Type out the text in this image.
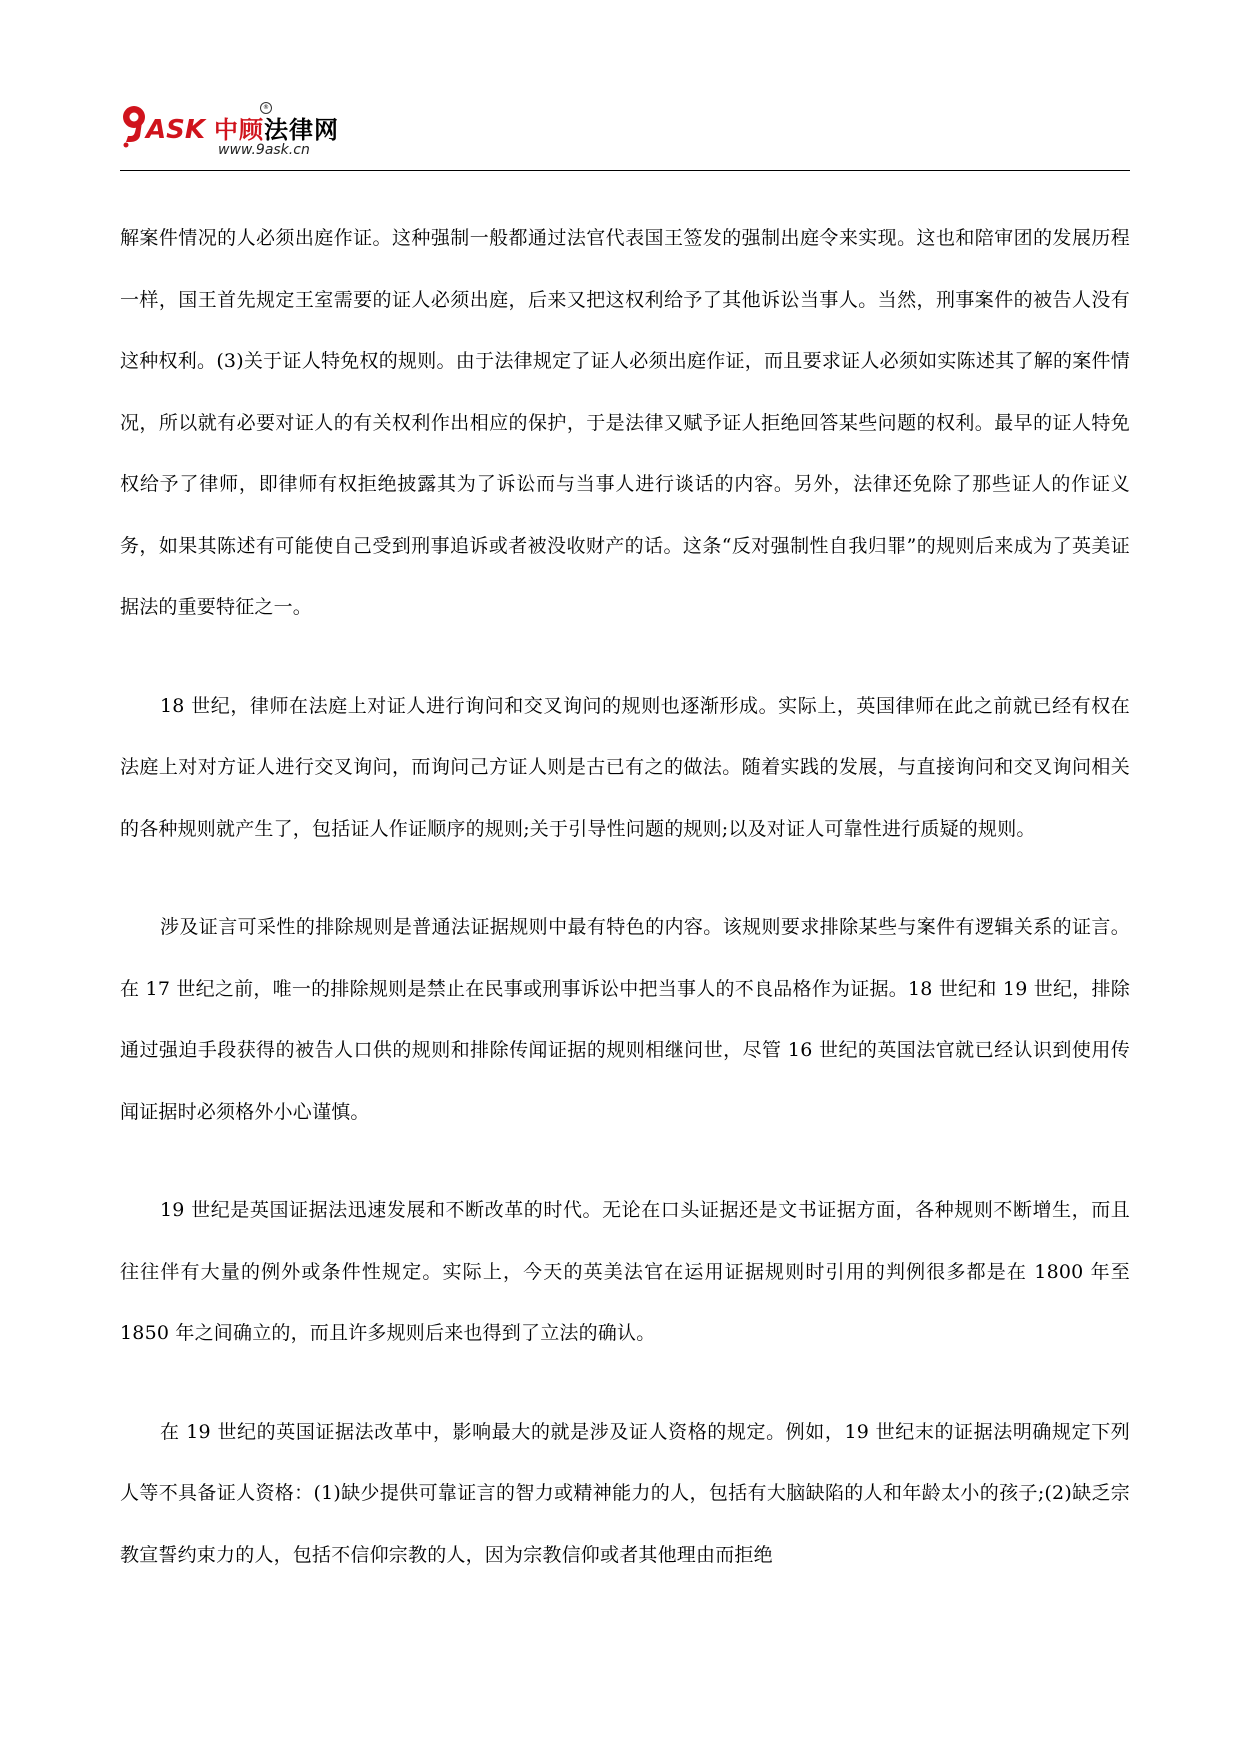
ASK 中顾法律网
®
www.9ask.cn

解案件情况的人必须出庭作证。这种强制一般都通过法官代表国王签发的强制出庭令来实现。这也和陪审团的发展历程一样，国王首先规定王室需要的证人必须出庭，后来又把这权利给予了其他诉讼当事人。当然，刑事案件的被告人没有这种权利。(3)关于证人特免权的规则。由于法律规定了证人必须出庭作证，而且要求证人必须如实陈述其了解的案件情况，所以就有必要对证人的有关权利作出相应的保护，于是法律又赋予证人拒绝回答某些问题的权利。最早的证人特免权给予了律师，即律师有权拒绝披露其为了诉讼而与当事人进行谈话的内容。另外，法律还免除了那些证人的作证义务，如果其陈述有可能使自己受到刑事追诉或者被没收财产的话。这条“反对强制性自我归罪”的规则后来成为了英美证据法的重要特征之一。

18 世纪，律师在法庭上对证人进行询问和交叉询问的规则也逐渐形成。实际上，英国律师在此之前就已经有权在法庭上对对方证人进行交叉询问，而询问己方证人则是古已有之的做法。随着实践的发展，与直接询问和交叉询问相关的各种规则就产生了，包括证人作证顺序的规则;关于引导性问题的规则;以及对证人可靠性进行质疑的规则。

涉及证言可采性的排除规则是普通法证据规则中最有特色的内容。该规则要求排除某些与案件有逻辑关系的证言。在 17 世纪之前，唯一的排除规则是禁止在民事或刑事诉讼中把当事人的不良品格作为证据。18 世纪和 19 世纪，排除通过强迫手段获得的被告人口供的规则和排除传闻证据的规则相继问世，尽管 16 世纪的英国法官就已经认识到使用传闻证据时必须格外小心谨慎。

19 世纪是英国证据法迅速发展和不断改革的时代。无论在口头证据还是文书证据方面，各种规则不断增生，而且往往伴有大量的例外或条件性规定。实际上，今天的英美法官在运用证据规则时引用的判例很多都是在 1800 年至 1850 年之间确立的，而且许多规则后来也得到了立法的确认。

在 19 世纪的英国证据法改革中，影响最大的就是涉及证人资格的规定。例如，19 世纪末的证据法明确规定下列人等不具备证人资格：(1)缺少提供可靠证言的智力或精神能力的人，包括有大脑缺陷的人和年龄太小的孩子;(2)缺乏宗教宣誓约束力的人，包括不信仰宗教的人，因为宗教信仰或者其他理由而拒绝
